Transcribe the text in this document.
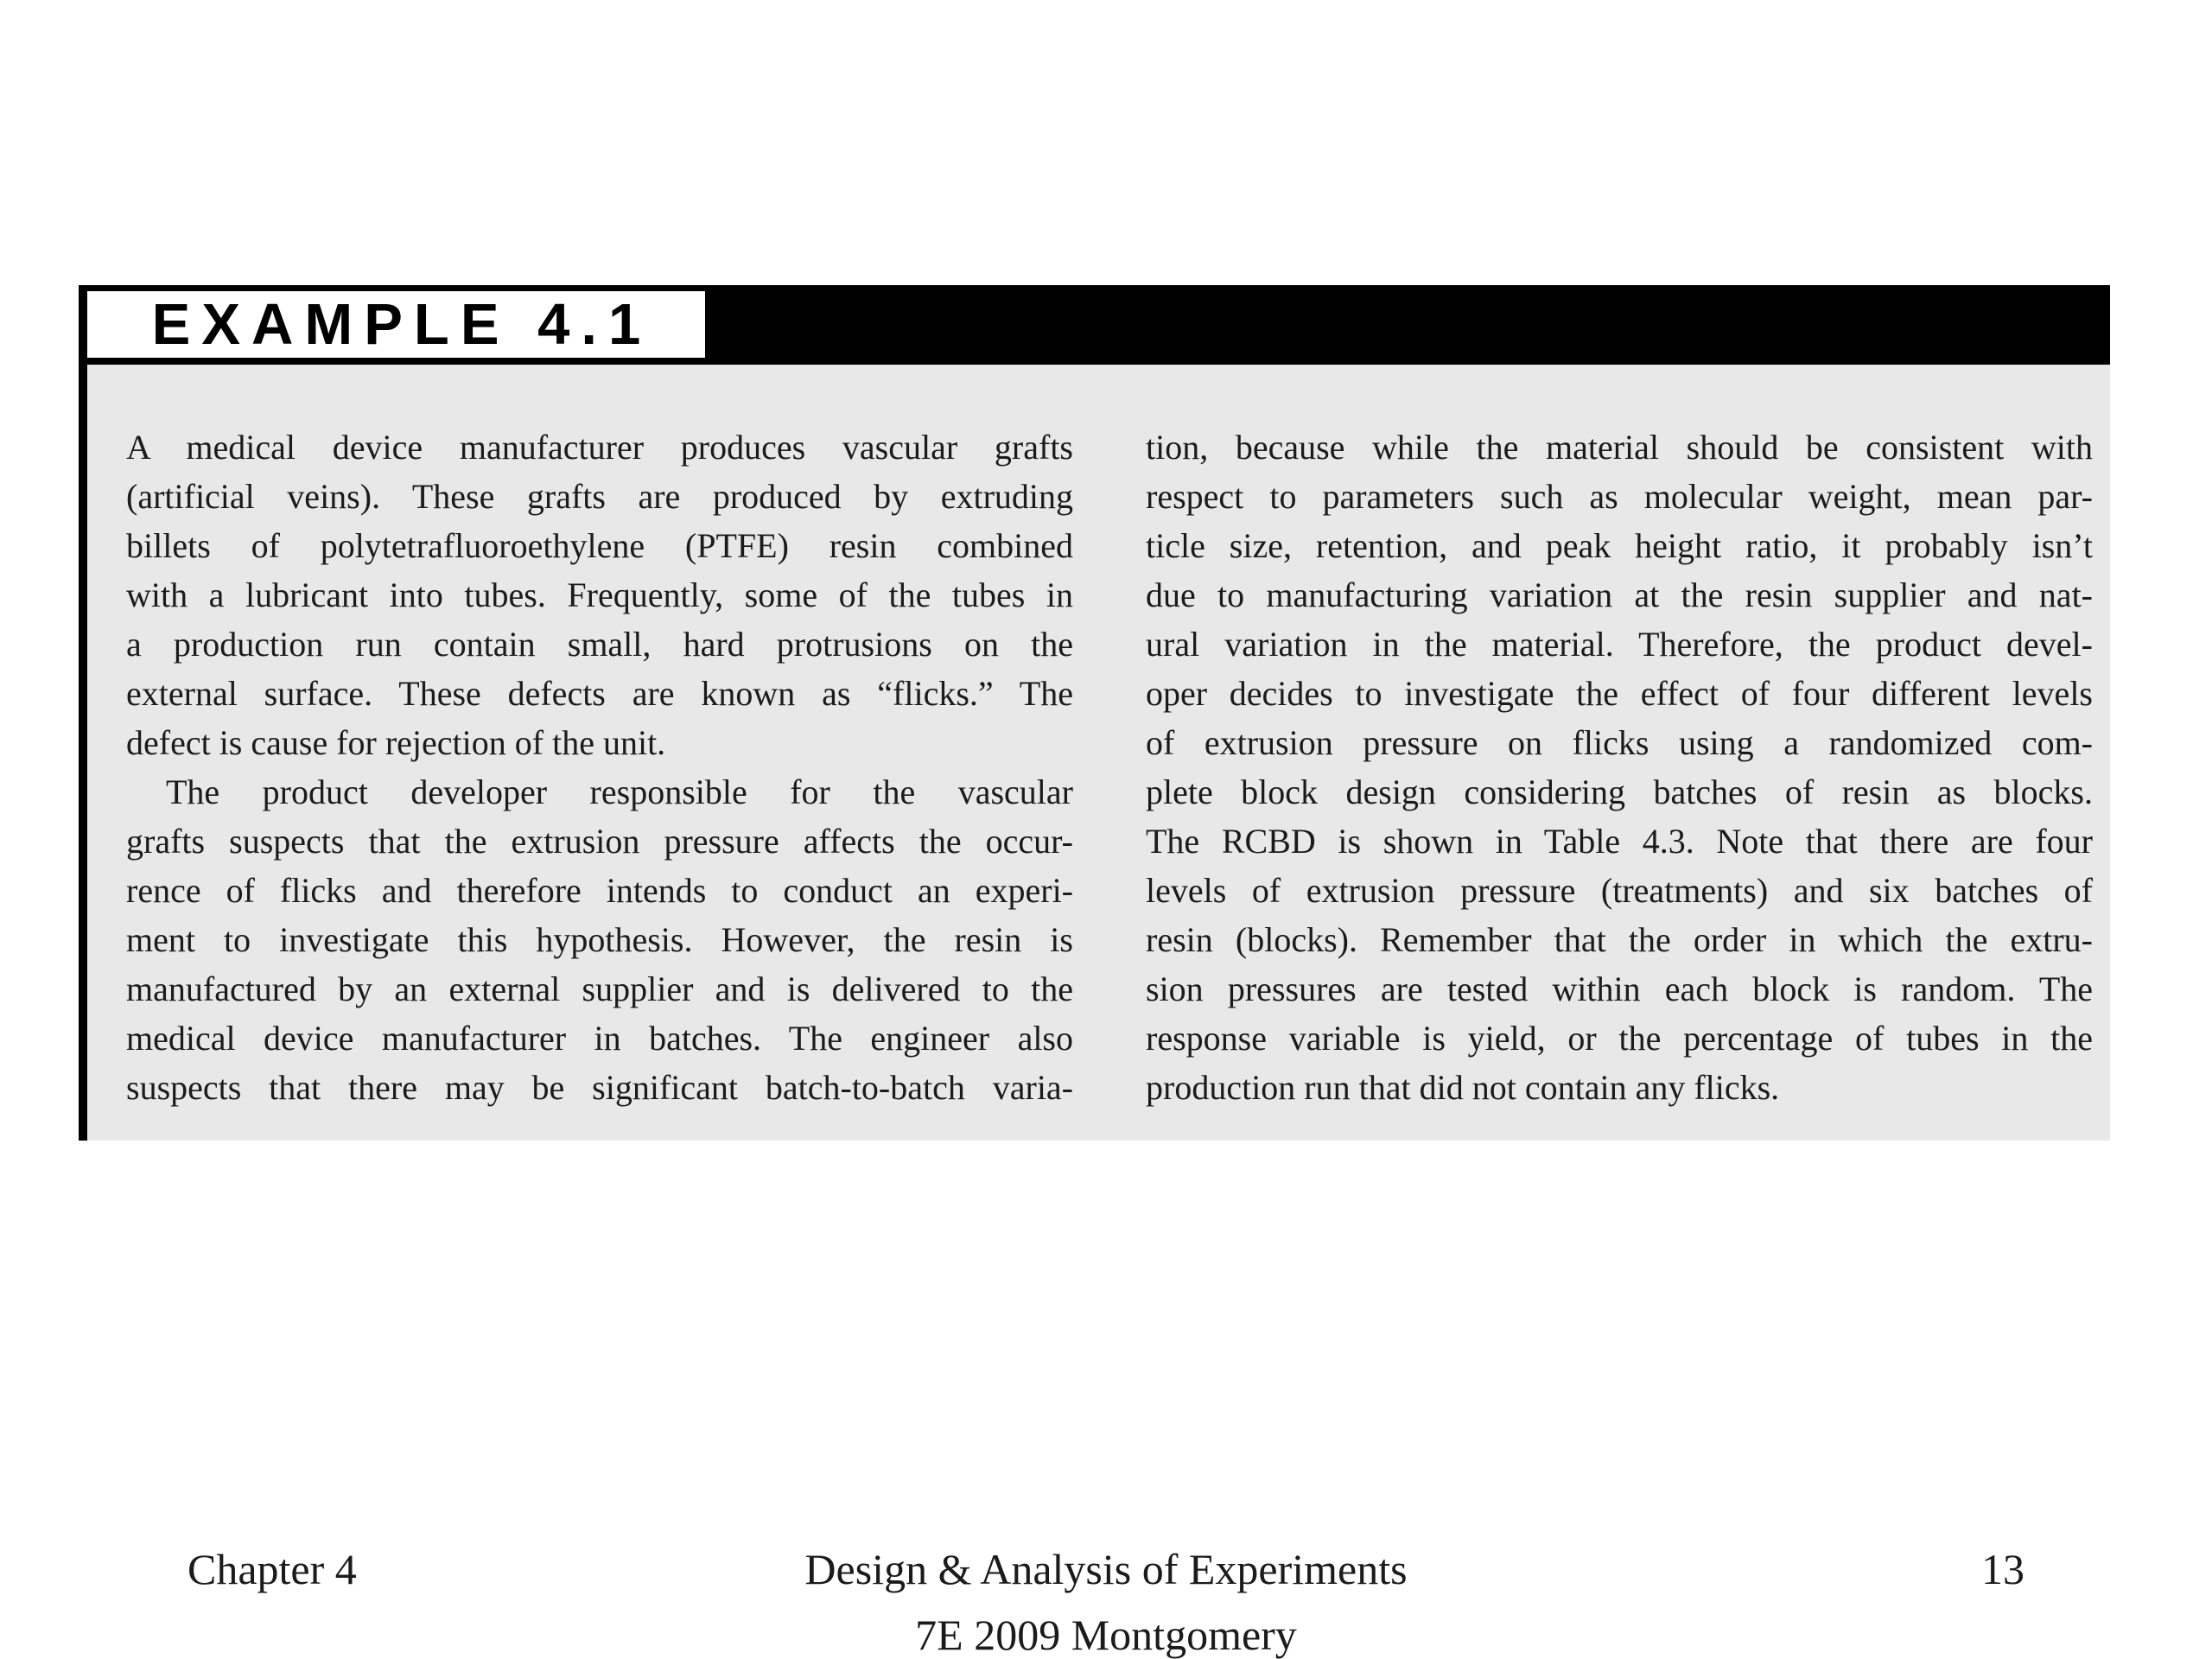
EXAMPLE 4.1
A medical device manufacturer produces vascular grafts
(artificial veins). These grafts are produced by extruding
billets of polytetrafluoroethylene (PTFE) resin combined
with a lubricant into tubes. Frequently, some of the tubes in
a production run contain small, hard protrusions on the
external surface. These defects are known as “flicks.” The
defect is cause for rejection of the unit.
The product developer responsible for the vascular
grafts suspects that the extrusion pressure affects the occur-
rence of flicks and therefore intends to conduct an experi-
ment to investigate this hypothesis. However, the resin is
manufactured by an external supplier and is delivered to the
medical device manufacturer in batches. The engineer also
suspects that there may be significant batch-to-batch varia-
tion, because while the material should be consistent with
respect to parameters such as molecular weight, mean par-
ticle size, retention, and peak height ratio, it probably isn’t
due to manufacturing variation at the resin supplier and nat-
ural variation in the material. Therefore, the product devel-
oper decides to investigate the effect of four different levels
of extrusion pressure on flicks using a randomized com-
plete block design considering batches of resin as blocks.
The RCBD is shown in Table 4.3. Note that there are four
levels of extrusion pressure (treatments) and six batches of
resin (blocks). Remember that the order in which the extru-
sion pressures are tested within each block is random. The
response variable is yield, or the percentage of tubes in the
production run that did not contain any flicks.
Chapter 4	Design & Analysis of Experiments
7E 2009 Montgomery
13
